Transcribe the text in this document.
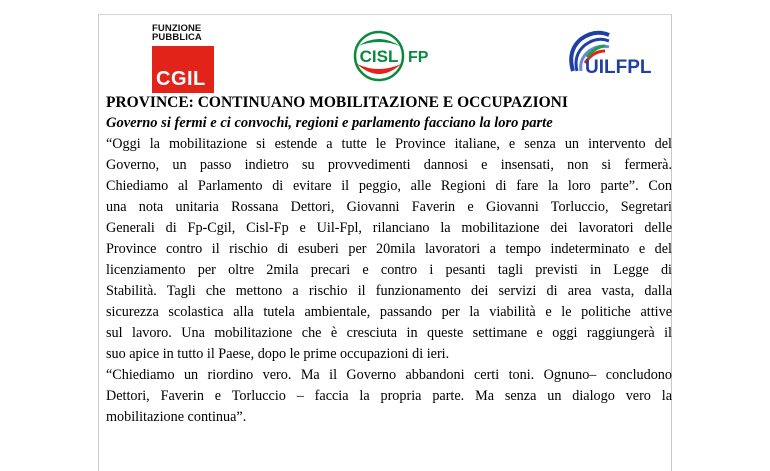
FUNZIONE PUBBLICA
CGIL
CISL FP	UILFPL
PROVINCE: CONTINUANO MOBILITAZIONE E OCCUPAZIONI
Governo si fermi e ci convochi, regioni e parlamento facciano la loro parte

“Oggi la mobilitazione si estende a tutte le Province italiane, e senza un intervento del
Governo, un passo indietro su provvedimenti dannosi e insensati, non si fermerà.
Chiediamo al Parlamento di evitare il peggio, alle Regioni di fare la loro parte”. Con
una nota unitaria Rossana Dettori, Giovanni Faverin e Giovanni Torluccio, Segretari
Generali di Fp-Cgil, Cisl-Fp e Uil-Fpl, rilanciano la mobilitazione dei lavoratori delle
Province contro il rischio di esuberi per 20mila lavoratori a tempo indeterminato e del
licenziamento per oltre 2mila precari e contro i pesanti tagli previsti in Legge di
Stabilità. Tagli che mettono a rischio il funzionamento dei servizi di area vasta, dalla
sicurezza scolastica alla tutela ambientale, passando per la viabilità e le politiche attive
sul lavoro. Una mobilitazione che è cresciuta in queste settimane e oggi raggiungerà il
suo apice in tutto il Paese, dopo le prime occupazioni di ieri.

“Chiediamo un riordino vero. Ma il Governo abbandoni certi toni. Ognuno– concludono
Dettori, Faverin e Torluccio – faccia la propria parte. Ma senza un dialogo vero la
mobilitazione continua”.
